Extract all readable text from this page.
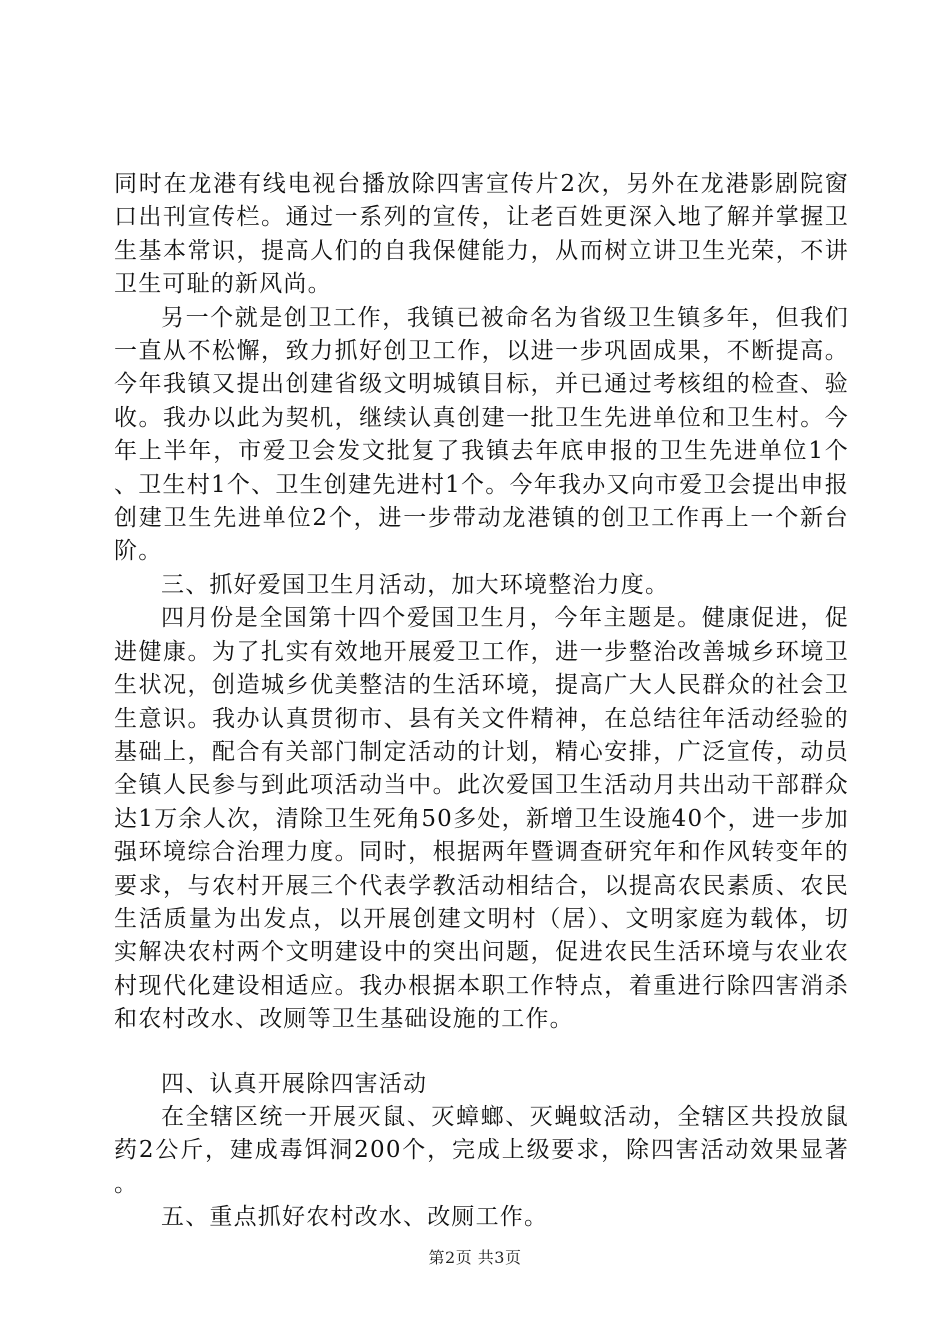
同时在龙港有线电视台播放除四害宣传片2次，另外在龙港影剧院窗口出刊宣传栏。通过一系列的宣传，让老百姓更深入地了解并掌握卫生基本常识，提高人们的自我保健能力，从而树立讲卫生光荣，不讲卫生可耻的新风尚。

另一个就是创卫工作，我镇已被命名为省级卫生镇多年，但我们一直从不松懈，致力抓好创卫工作，以进一步巩固成果，不断提高。今年我镇又提出创建省级文明城镇目标，并已通过考核组的检查、验收。我办以此为契机，继续认真创建一批卫生先进单位和卫生村。今年上半年，市爱卫会发文批复了我镇去年底申报的卫生先进单位1个、卫生村1个、卫生创建先进村1个。今年我办又向市爱卫会提出申报创建卫生先进单位2个，进一步带动龙港镇的创卫工作再上一个新台阶。

三、抓好爱国卫生月活动，加大环境整治力度。

四月份是全国第十四个爱国卫生月，今年主题是。健康促进，促进健康。为了扎实有效地开展爱卫工作，进一步整治改善城乡环境卫生状况，创造城乡优美整洁的生活环境，提高广大人民群众的社会卫生意识。我办认真贯彻市、县有关文件精神，在总结往年活动经验的基础上，配合有关部门制定活动的计划，精心安排，广泛宣传，动员全镇人民参与到此项活动当中。此次爱国卫生活动月共出动干部群众达1万余人次，清除卫生死角50多处，新增卫生设施40个，进一步加强环境综合治理力度。同时，根据两年暨调查研究年和作风转变年的要求，与农村开展三个代表学教活动相结合，以提高农民素质、农民生活质量为出发点，以开展创建文明村（居）、文明家庭为载体，切实解决农村两个文明建设中的突出问题，促进农民生活环境与农业农村现代化建设相适应。我办根据本职工作特点，着重进行除四害消杀和农村改水、改厕等卫生基础设施的工作。

四、认真开展除四害活动

在全辖区统一开展灭鼠、灭蟑螂、灭蝇蚊活动，全辖区共投放鼠药2公斤，建成毒饵洞200个，完成上级要求，除四害活动效果显著。

五、重点抓好农村改水、改厕工作。

第2页 共3页
